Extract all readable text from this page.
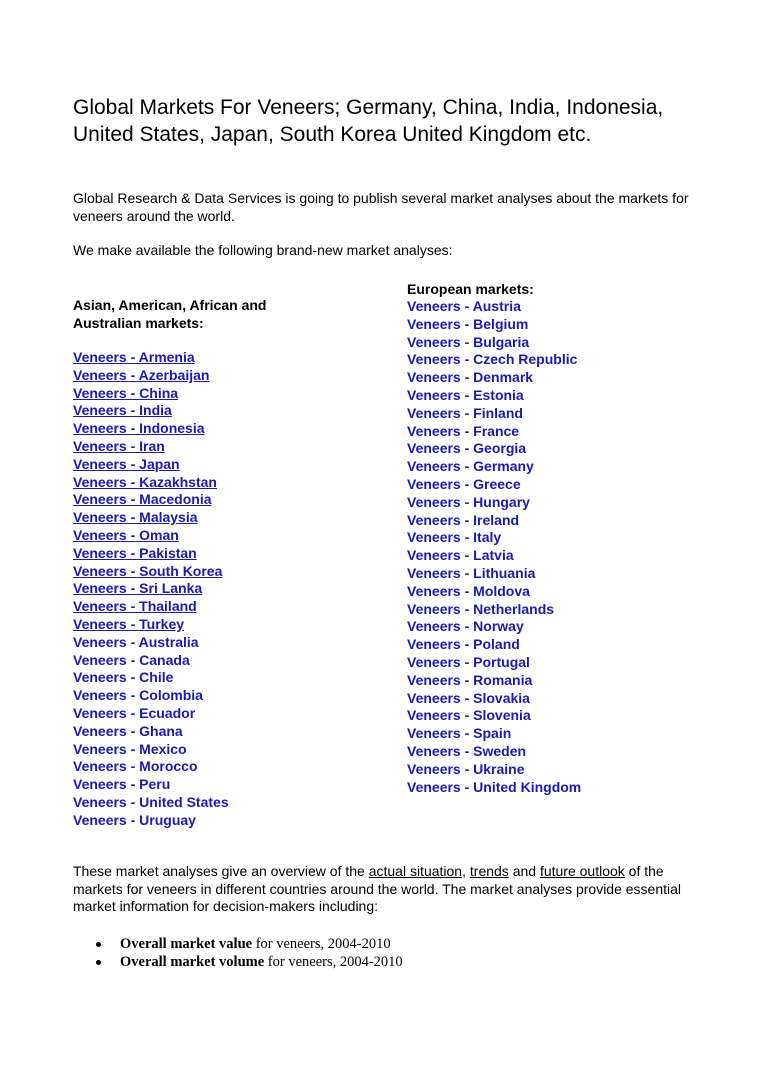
Global Markets For Veneers; Germany, China, India, Indonesia, United States, Japan, South Korea United Kingdom etc.

Global Research & Data Services is going to publish several market analyses about the markets for veneers around the world.

We make available the following brand-new market analyses:

Asian, American, African and

Australian markets:

Veneers - Armenia
Veneers - Azerbaijan
Veneers - China
Veneers - India
Veneers - Indonesia
Veneers - Iran
Veneers - Japan
Veneers - Kazakhstan
Veneers - Macedonia
Veneers - Malaysia
Veneers - Oman
Veneers - Pakistan
Veneers - South Korea
Veneers - Sri Lanka
Veneers - Thailand
Veneers - Turkey
Veneers - Australia
Veneers - Canada
Veneers - Chile
Veneers - Colombia
Veneers - Ecuador
Veneers - Ghana
Veneers - Mexico
Veneers - Morocco
Veneers - Peru
Veneers - United States
Veneers - Uruguay

European markets:

Veneers - Austria
Veneers - Belgium
Veneers - Bulgaria
Veneers - Czech Republic
Veneers - Denmark
Veneers - Estonia
Veneers - Finland
Veneers - France
Veneers - Georgia
Veneers - Germany
Veneers - Greece
Veneers - Hungary
Veneers - Ireland
Veneers - Italy
Veneers - Latvia
Veneers - Lithuania
Veneers - Moldova
Veneers - Netherlands
Veneers - Norway
Veneers - Poland
Veneers - Portugal
Veneers - Romania
Veneers - Slovakia
Veneers - Slovenia
Veneers - Spain
Veneers - Sweden
Veneers - Ukraine
Veneers - United Kingdom

These market analyses give an overview of the actual situation, trends and future outlook of the markets for veneers in different countries around the world. The market analyses provide essential market information for decision-makers including:

Overall market value for veneers, 2004-2010
Overall market volume for veneers, 2004-2010
